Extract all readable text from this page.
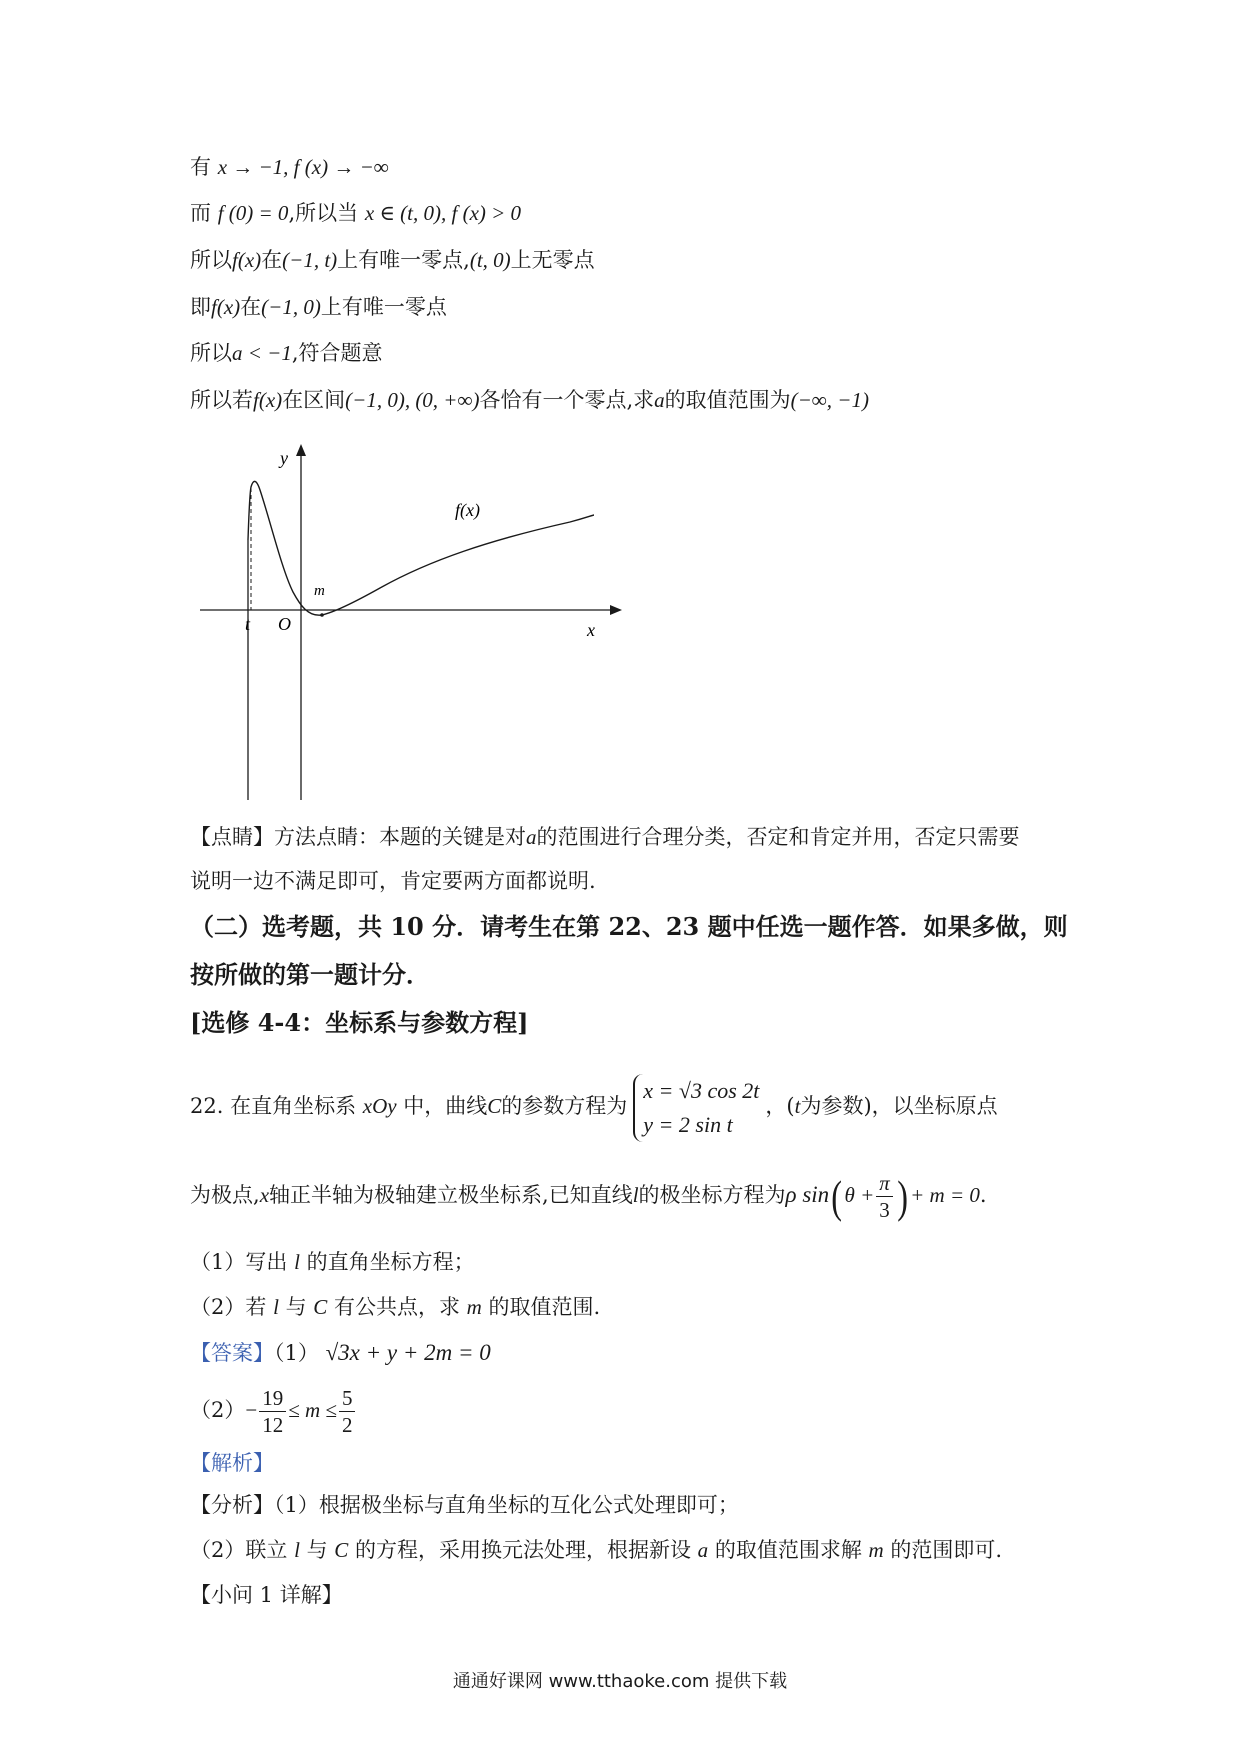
有 x → −1, f (x) → −∞
而 f (0) = 0,所以当 x ∈ (t, 0), f (x) > 0
所以f(x)在(−1, t)上有唯一零点,(t, 0)上无零点
即f(x)在(−1, 0)上有唯一零点
所以a < −1,符合题意
所以若f(x)在区间(−1, 0), (0, +∞)各恰有一个零点,求a的取值范围为(−∞, −1)
y
x
O
t
m
f(x)
【点睛】方法点睛：本题的关键是对a的范围进行合理分类，否定和肯定并用，否定只需要
说明一边不满足即可，肯定要两方面都说明.
（二）选考题，共 10 分．请考生在第 22、23 题中任选一题作答．如果多做，则
按所做的第一题计分．
[选修 4-4：坐标系与参数方程]
22. 在直角坐标系 xOy 中，曲线C的参数方程为
x = √3 cos 2t
y = 2 sin t
，(t为参数)，以坐标原点
为极点,x轴正半轴为极轴建立极坐标系,已知直线l的极坐标方程为ρ sin( $\theta + \frac{\pi}{3}$ ) + m = 0.
（1）写出 l 的直角坐标方程；
（2）若 l 与 C 有公共点，求 m 的取值范围.
【答案】（1） √3x + y + 2m = 0
$(2)- \frac{19}{12} \le m \le \frac{5}{2}$
【解析】
【分析】（1）根据极坐标与直角坐标的互化公式处理即可；
（2）联立 l 与 C 的方程，采用换元法处理，根据新设 a 的取值范围求解 m 的范围即可.
【小问 1 详解】
通通好课网 www.tthaoke.com 提供下载
